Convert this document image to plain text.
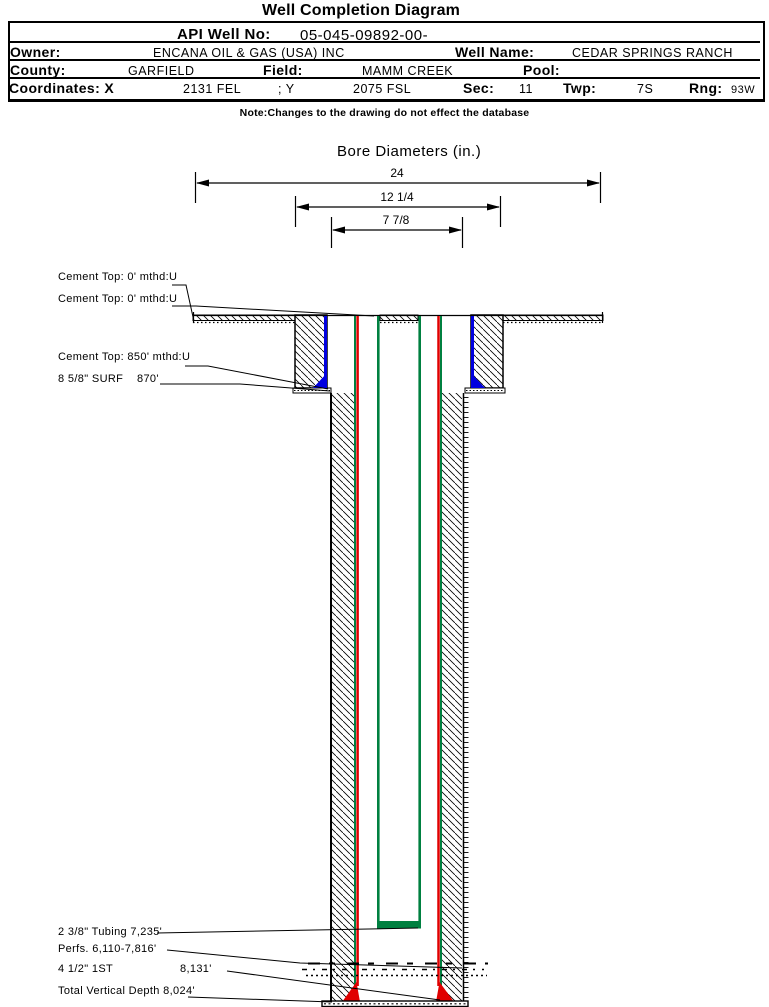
Well Completion Diagram
API Well No: 05-045-09892-00-
Owner:	ENCANA OIL & GAS (USA) INC	Well Name:	CEDAR SPRINGS RANCH
County:	GARFIELD	Field:	MAMM CREEK	Pool:
Coordinates: X	2131 FEL	; Y	2075 FSL	Sec: 11 Twp:	7S	Rng: 93W
Note:Changes to the drawing do not effect the database
Bore Diameters (in.)
24
12 1/4
7 7/8
Cement Top: 0' mthd:U
Cement Top: 0' mthd:U
Cement Top: 850' mthd:U
8 5/8" SURF 870'
2 3/8" Tubing 7,235'
Perfs. 6,110-7,816'
4 1/2" 1ST	8,131'
Total Vertical Depth 8,024'
